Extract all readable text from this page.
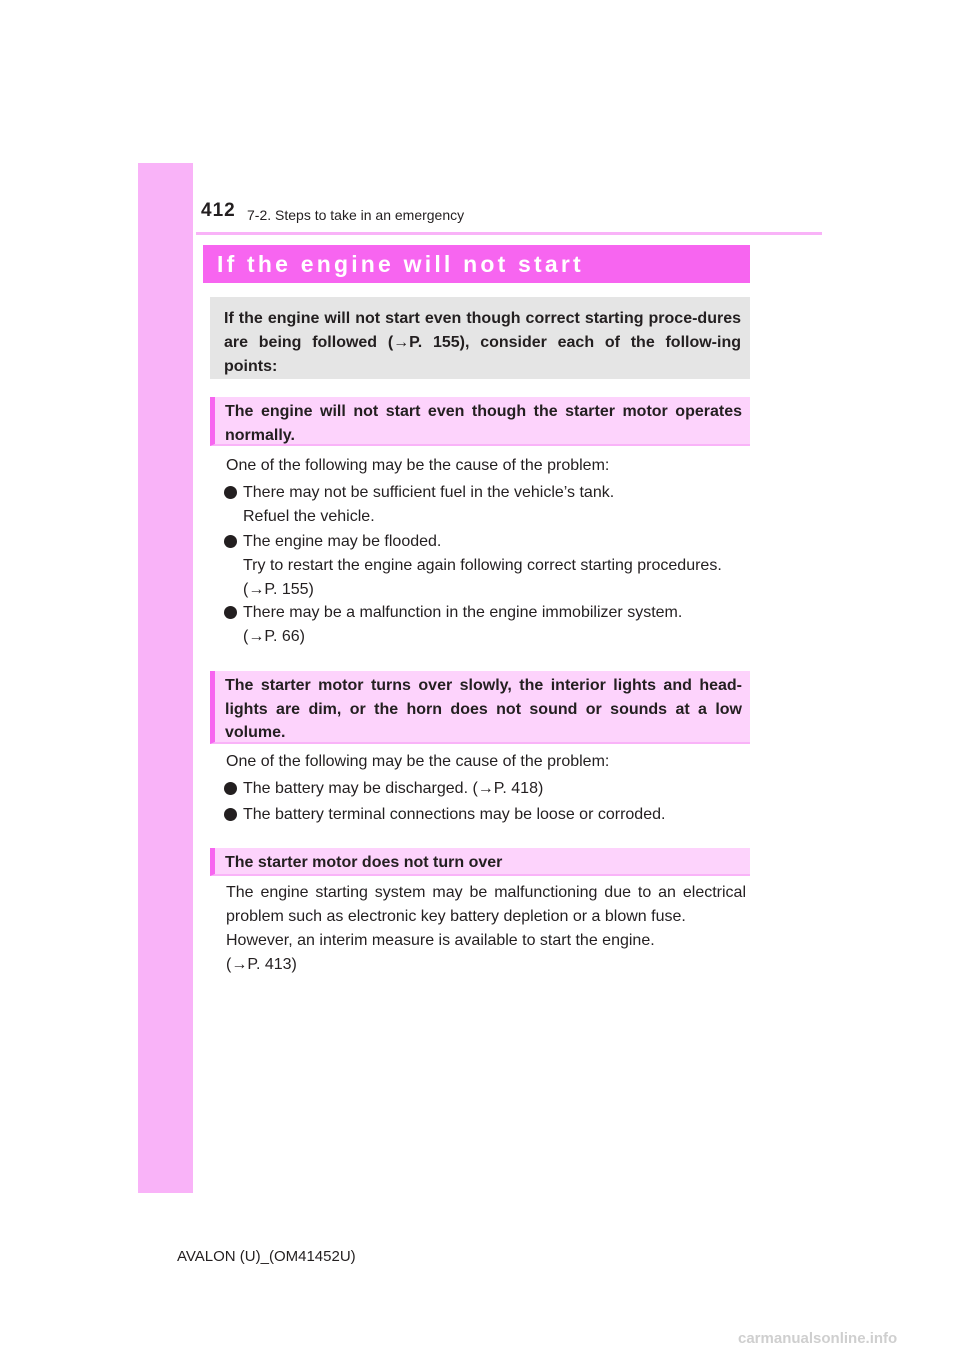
412 7-2. Steps to take in an emergency
If the engine will not start
If the engine will not start even though correct starting proce-dures are being followed (→P. 155), consider each of the follow-ing points:
The engine will not start even though the starter motor operates normally.

One of the following may be the cause of the problem:

There may not be sufficient fuel in the vehicle’s tank.
Refuel the vehicle.
The engine may be flooded.
Try to restart the engine again following correct starting procedures.
(→P. 155)
There may be a malfunction in the engine immobilizer system.
(→P. 66)
The starter motor turns over slowly, the interior lights and head-lights are dim, or the horn does not sound or sounds at a low volume.

One of the following may be the cause of the problem:

The battery may be discharged. (→P. 418)
The battery terminal connections may be loose or corroded.
The starter motor does not turn over
The engine starting system may be malfunctioning due to an electrical problem such as electronic key battery depletion or a blown fuse.
However, an interim measure is available to start the engine.
(→P. 413)
AVALON (U)_(OM41452U)
carmanualsonline.info
